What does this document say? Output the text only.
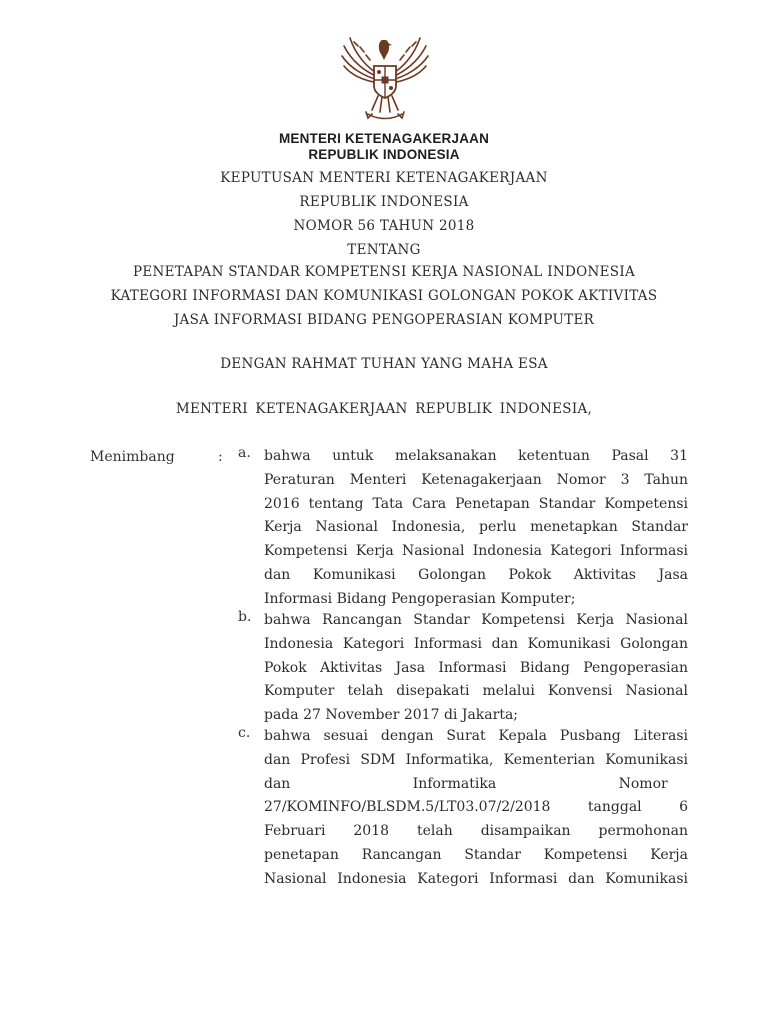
MENTERI KETENAGAKERJAAN
REPUBLIK INDONESIA
KEPUTUSAN MENTERI KETENAGAKERJAAN
REPUBLIK INDONESIA
NOMOR 56 TAHUN 2018
TENTANG
PENETAPAN STANDAR KOMPETENSI KERJA NASIONAL INDONESIA
KATEGORI INFORMASI DAN KOMUNIKASI GOLONGAN POKOK AKTIVITAS
JASA INFORMASI BIDANG PENGOPERASIAN KOMPUTER
DENGAN RAHMAT TUHAN YANG MAHA ESA
MENTERI KETENAGAKERJAAN REPUBLIK INDONESIA,
Menimbang	: a. bahwa untuk melaksanakan ketentuan Pasal 31
Peraturan Menteri Ketenagakerjaan Nomor 3 Tahun
2016 tentang Tata Cara Penetapan Standar Kompetensi
Kerja Nasional Indonesia, perlu menetapkan Standar
Kompetensi Kerja Nasional Indonesia Kategori Informasi
dan Komunikasi Golongan Pokok Aktivitas Jasa
Informasi Bidang Pengoperasian Komputer;
b. bahwa Rancangan Standar Kompetensi Kerja Nasional
Indonesia Kategori Informasi dan Komunikasi Golongan
Pokok Aktivitas Jasa Informasi Bidang Pengoperasian
Komputer telah disepakati melalui Konvensi Nasional
pada 27 November 2017 di Jakarta;
c. bahwa sesuai dengan Surat Kepala Pusbang Literasi
dan Profesi SDM Informatika, Kementerian Komunikasi
dan Informatika Nomor
27/KOMINFO/BLSDM.5/LT03.07/2/2018 tanggal 6
Februari 2018 telah disampaikan permohonan
penetapan Rancangan Standar Kompetensi Kerja
Nasional Indonesia Kategori Informasi dan Komunikasi
